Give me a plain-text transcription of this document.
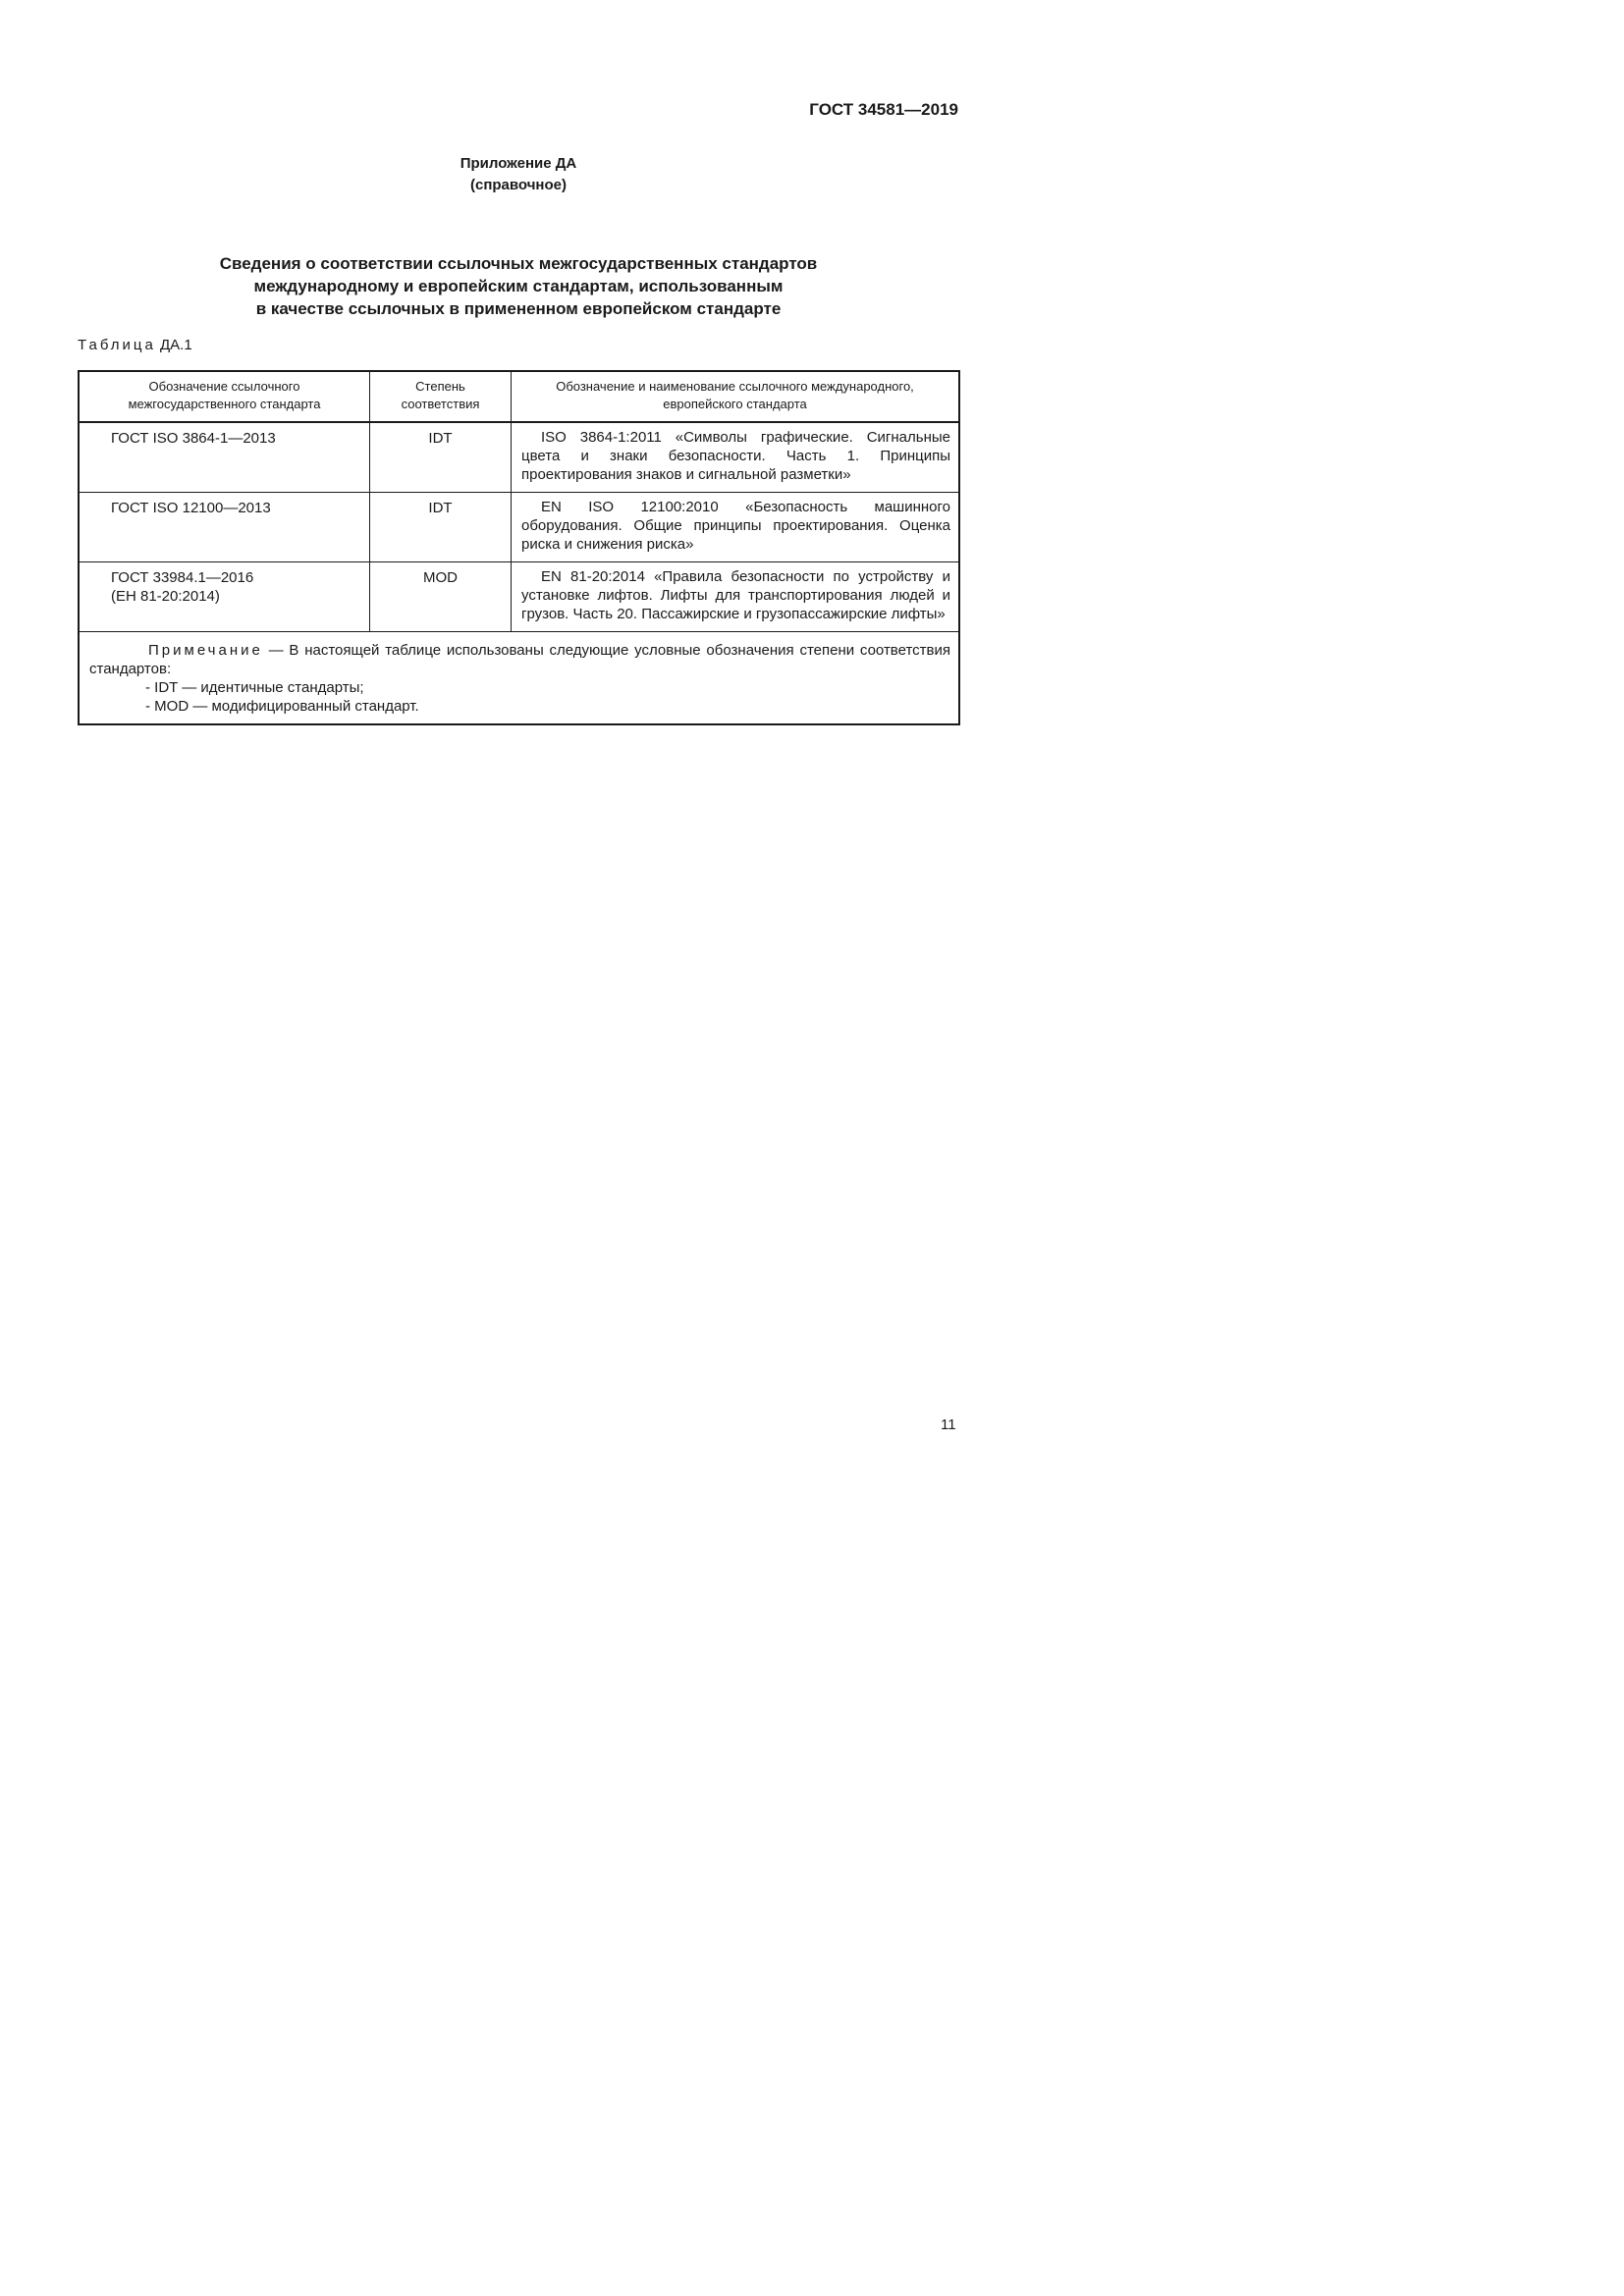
ГОСТ 34581—2019
Приложение ДА
(справочное)
Сведения о соответствии ссылочных межгосударственных стандартов
международному и европейским стандартам, использованным
в качестве ссылочных в примененном европейском стандарте
Таблица ДА.1
Обозначение ссылочного межгосударственного стандарта	Степень соответствия	Обозначение и наименование ссылочного международного, европейского стандарта

ГОСТ ISO 3864-1—2013	IDT	ISO 3864-1:2011 «Символы графические. Сигнальные цвета и знаки безопасности. Часть 1. Принципы проектирования знаков и сигнальной разметки»

ГОСТ ISO 12100—2013	IDT	EN ISO 12100:2010 «Безопасность машинного оборудования. Общие принципы проектирования. Оценка риска и снижения риска»

ГОСТ 33984.1—2016
(ЕН 81-20:2014)	MOD	EN 81-20:2014 «Правила безопасности по устройству и установке лифтов. Лифты для транспортирования людей и грузов. Часть 20. Пассажирские и грузопассажирские лифты»

Примечание — В настоящей таблице использованы следующие условные обозначения степени соответствия стандартов:
- IDT — идентичные стандарты;
- MOD — модифицированный стандарт.		
11
